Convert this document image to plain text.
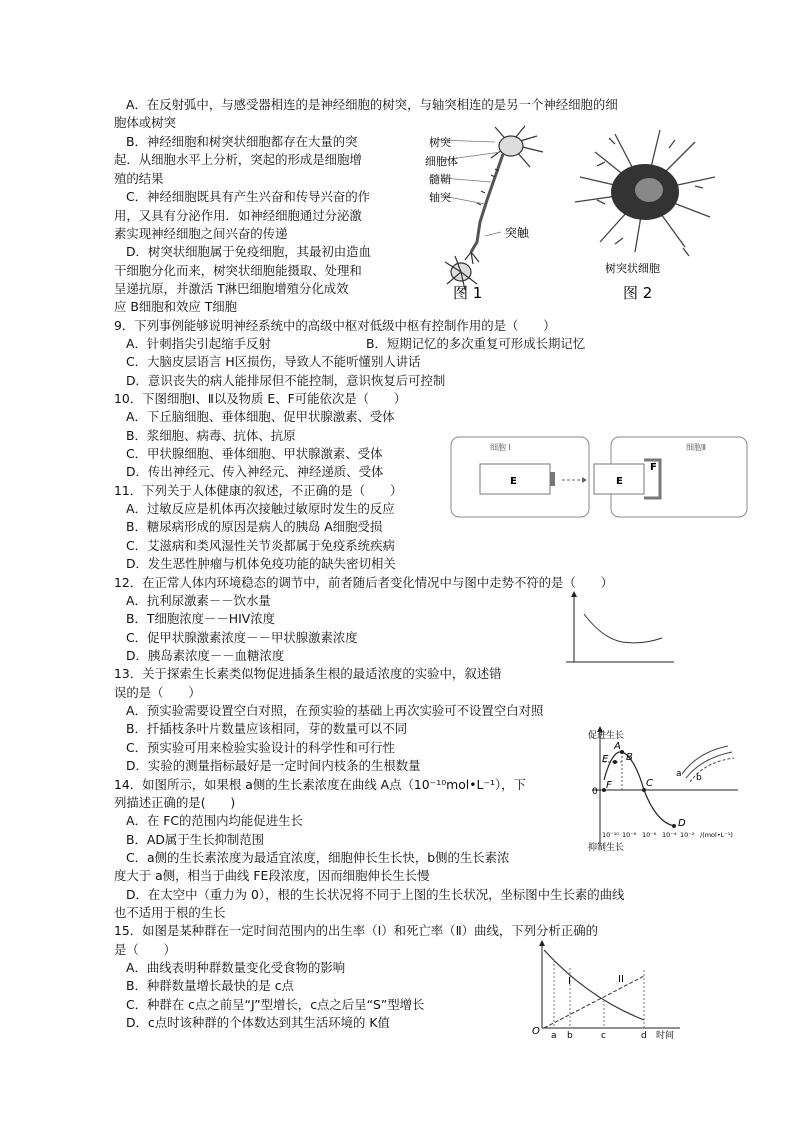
A．在反射弧中，与感受器相连的是神经细胞的树突，与轴突相连的是另一个神经细胞的细
胞体或树突
B．神经细胞和树突状细胞都存在大量的突
起．从细胞水平上分析，突起的形成是细胞增
殖的结果
C．神经细胞既具有产生兴奋和传导兴奋的作
用，又具有分泌作用．如神经细胞通过分泌激
素实现神经细胞之间兴奋的传递
D．树突状细胞属于免疫细胞，其最初由造血
干细胞分化而来，树突状细胞能摄取、处理和
呈递抗原，并激活 T淋巴细胞增殖分化成效
应 B细胞和效应 T细胞
树突
细胞体
髓鞘
轴突
突触
图 1
树突状细胞
图 2
9．下列事例能够说明神经系统中的高级中枢对低级中枢有控制作用的是（　　）
A．针刺指尖引起缩手反射	B．短期记忆的多次重复可形成长期记忆
C．大脑皮层语言 H区损伤，导致人不能听懂别人讲话
D．意识丧失的病人能排尿但不能控制，意识恢复后可控制
10．下图细胞Ⅰ、Ⅱ以及物质 E、F可能依次是（　　）
A．下丘脑细胞、垂体细胞、促甲状腺激素、受体
B．浆细胞、病毒、抗体、抗原
C．甲状腺细胞、垂体细胞、甲状腺激素、受体
D．传出神经元、传入神经元、神经递质、受体
细胞 Ⅰ	细胞Ⅱ
E	E
F
11．下列关于人体健康的叙述，不正确的是（　　）
A．过敏反应是机体再次接触过敏原时发生的反应
B．糖尿病形成的原因是病人的胰岛 A细胞受损
C．艾滋病和类风湿性关节炎都属于免疫系统疾病
D．发生恶性肿瘤与机体免疫功能的缺失密切相关
12．在正常人体内环境稳态的调节中，前者随后者变化情况中与图中走势不符的是（　　）
A．抗利尿激素－－饮水量
B．T细胞浓度－－HIV浓度
C．促甲状腺激素浓度－－甲状腺激素浓度
D．胰岛素浓度－－血糖浓度
13．关于探索生长素类似物促进插条生根的最适浓度的实验中，叙述错
误的是（　　）
A．预实验需要设置空白对照，在预实验的基础上再次实验可不设置空白对照
B．扦插枝条叶片数量应该相同，芽的数量可以不同
C．预实验可用来检验实验设计的科学性和可行性
D．实验的测量指标最好是一定时间内枝条的生根数量
14．如图所示，如果根 a侧的生长素浓度在曲线 A点（10⁻¹⁰mol•L⁻¹），下
列描述正确的是(　　)
A．在 FC的范围内均能促进生长
B．AD属于生长抑制范围
C．a侧的生长素浓度为最适宜浓度，细胞伸长生长快，b侧的生长素浓
度大于 a侧，相当于曲线 FE段浓度，因而细胞伸长生长慢
D．在太空中（重力为 0），根的生长状况将不同于上图的生长状况，坐标图中生长素的曲线
也不适用于根的生长
促进生长
抑制生长
0
E
A
B
C
D
F
a b
10⁻¹⁰ 10⁻⁸ 10⁻⁶ 10⁻⁴ 10⁻² /(mol•L⁻¹)
15．如图是某种群在一定时间范围内的出生率（Ⅰ）和死亡率（Ⅱ）曲线，下列分析正确的
是（　　）
A．曲线表明种群数量变化受食物的影响
B．种群数量增长最快的是 c点
C．种群在 c点之前呈“J”型增长，c点之后呈“S”型增长
D．c点时该种群的个体数达到其生活环境的 K值
I	II
O a b	c	d 时间
